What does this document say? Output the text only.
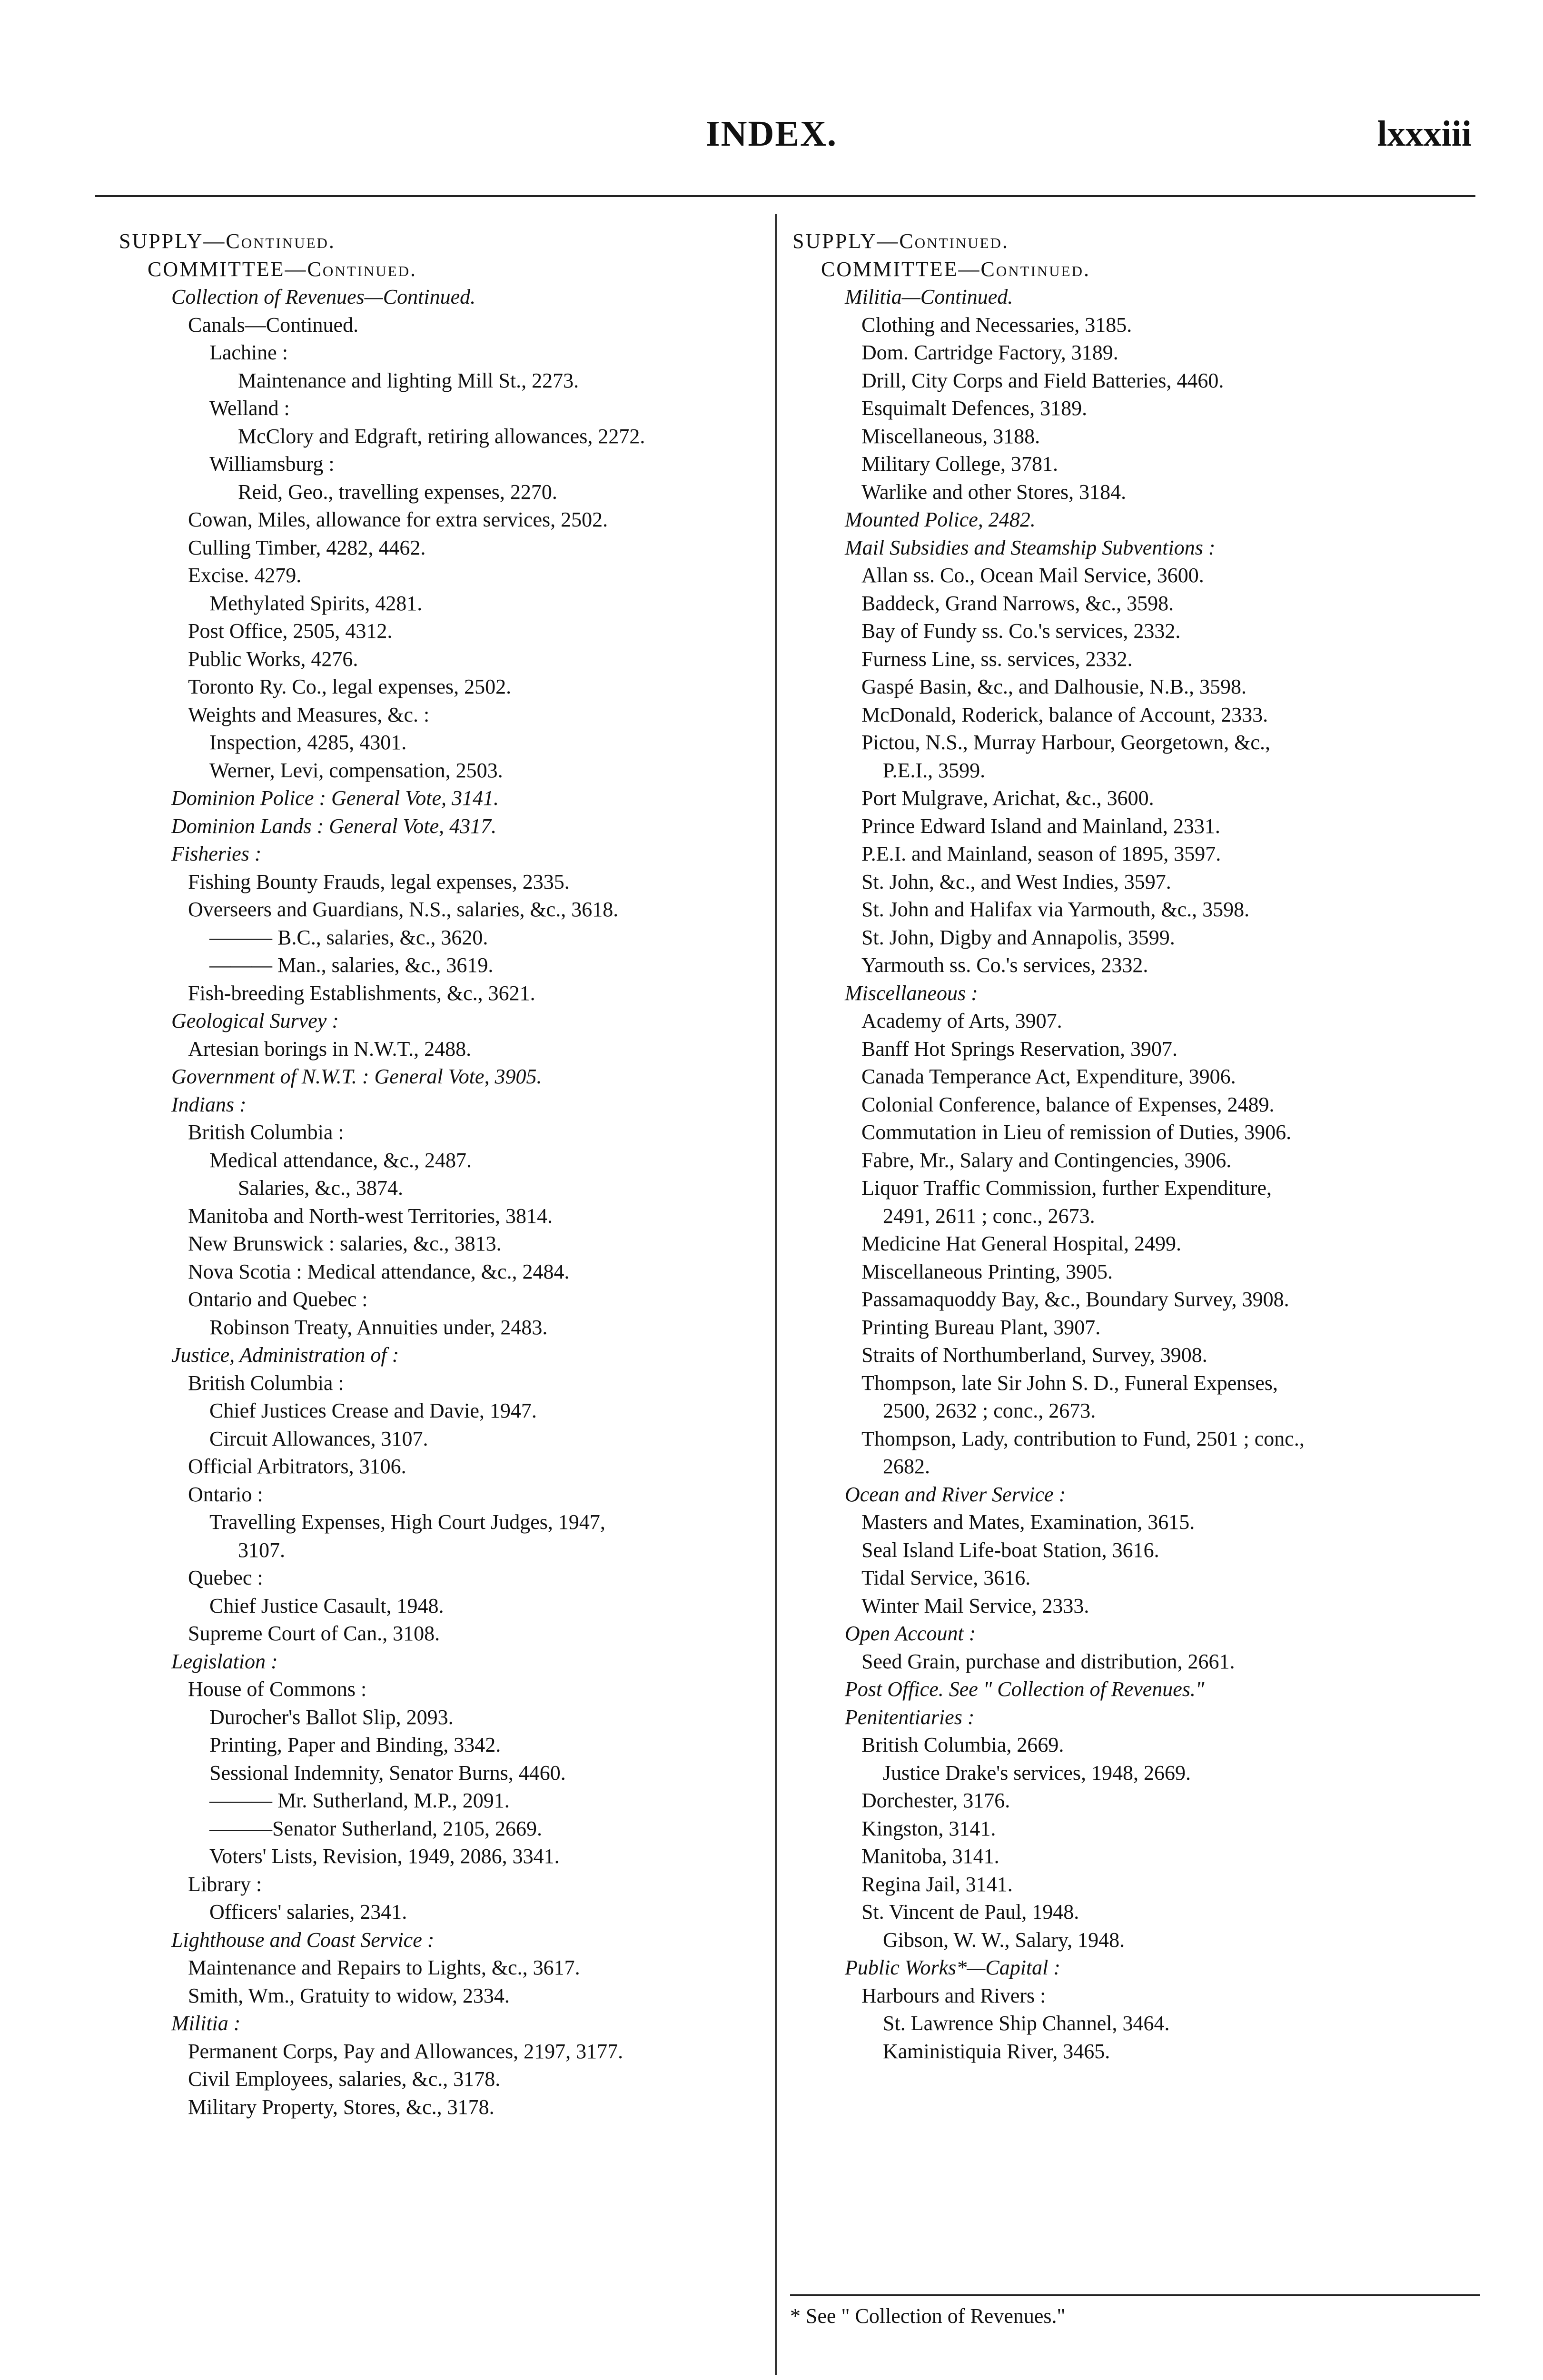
INDEX.	lxxxiii
SUPPLY—Continued.
COMMITTEE—Continued.
Collection of Revenues—Continued.
Canals—Continued.
Lachine :
Maintenance and lighting Mill St., 2273.
Welland :
McClory and Edgraft, retiring allowances, 2272.
Williamsburg :
Reid, Geo., travelling expenses, 2270.
Cowan, Miles, allowance for extra services, 2502.
Culling Timber, 4282, 4462.
Excise. 4279.
Methylated Spirits, 4281.
Post Office, 2505, 4312.
Public Works, 4276.
Toronto Ry. Co., legal expenses, 2502.
Weights and Measures, &c. :
Inspection, 4285, 4301.
Werner, Levi, compensation, 2503.
Dominion Police : General Vote, 3141.
Dominion Lands : General Vote, 4317.
Fisheries :
Fishing Bounty Frauds, legal expenses, 2335.
Overseers and Guardians, N.S., salaries, &c., 3618.
——— B.C., salaries, &c., 3620.
——— Man., salaries, &c., 3619.
Fish-breeding Establishments, &c., 3621.
Geological Survey :
Artesian borings in N.W.T., 2488.
Government of N.W.T. : General Vote, 3905.
Indians :
British Columbia :
Medical attendance, &c., 2487.
Salaries, &c., 3874.
Manitoba and North-west Territories, 3814.
New Brunswick : salaries, &c., 3813.
Nova Scotia : Medical attendance, &c., 2484.
Ontario and Quebec :
Robinson Treaty, Annuities under, 2483.
Justice, Administration of :
British Columbia :
Chief Justices Crease and Davie, 1947.
Circuit Allowances, 3107.
Official Arbitrators, 3106.
Ontario :
Travelling Expenses, High Court Judges, 1947,
3107.
Quebec :
Chief Justice Casault, 1948.
Supreme Court of Can., 3108.
Legislation :
House of Commons :
Durocher's Ballot Slip, 2093.
Printing, Paper and Binding, 3342.
Sessional Indemnity, Senator Burns, 4460.
——— Mr. Sutherland, M.P., 2091.
———Senator Sutherland, 2105, 2669.
Voters' Lists, Revision, 1949, 2086, 3341.
Library :
Officers' salaries, 2341.
Lighthouse and Coast Service :
Maintenance and Repairs to Lights, &c., 3617.
Smith, Wm., Gratuity to widow, 2334.
Militia :
Permanent Corps, Pay and Allowances, 2197, 3177.
Civil Employees, salaries, &c., 3178.
Military Property, Stores, &c., 3178.
SUPPLY—Continued.
COMMITTEE—Continued.
Militia—Continued.
Clothing and Necessaries, 3185.
Dom. Cartridge Factory, 3189.
Drill, City Corps and Field Batteries, 4460.
Esquimalt Defences, 3189.
Miscellaneous, 3188.
Military College, 3781.
Warlike and other Stores, 3184.
Mounted Police, 2482.
Mail Subsidies and Steamship Subventions :
Allan ss. Co., Ocean Mail Service, 3600.
Baddeck, Grand Narrows, &c., 3598.
Bay of Fundy ss. Co.'s services, 2332.
Furness Line, ss. services, 2332.
Gaspé Basin, &c., and Dalhousie, N.B., 3598.
McDonald, Roderick, balance of Account, 2333.
Pictou, N.S., Murray Harbour, Georgetown, &c.,
P.E.I., 3599.
Port Mulgrave, Arichat, &c., 3600.
Prince Edward Island and Mainland, 2331.
P.E.I. and Mainland, season of 1895, 3597.
St. John, &c., and West Indies, 3597.
St. John and Halifax via Yarmouth, &c., 3598.
St. John, Digby and Annapolis, 3599.
Yarmouth ss. Co.'s services, 2332.
Miscellaneous :
Academy of Arts, 3907.
Banff Hot Springs Reservation, 3907.
Canada Temperance Act, Expenditure, 3906.
Colonial Conference, balance of Expenses, 2489.
Commutation in Lieu of remission of Duties, 3906.
Fabre, Mr., Salary and Contingencies, 3906.
Liquor Traffic Commission, further Expenditure,
2491, 2611 ; conc., 2673.
Medicine Hat General Hospital, 2499.
Miscellaneous Printing, 3905.
Passamaquoddy Bay, &c., Boundary Survey, 3908.
Printing Bureau Plant, 3907.
Straits of Northumberland, Survey, 3908.
Thompson, late Sir John S. D., Funeral Expenses,
2500, 2632 ; conc., 2673.
Thompson, Lady, contribution to Fund, 2501 ; conc.,
2682.
Ocean and River Service :
Masters and Mates, Examination, 3615.
Seal Island Life-boat Station, 3616.
Tidal Service, 3616.
Winter Mail Service, 2333.
Open Account :
Seed Grain, purchase and distribution, 2661.
Post Office. See " Collection of Revenues."
Penitentiaries :
British Columbia, 2669.
Justice Drake's services, 1948, 2669.
Dorchester, 3176.
Kingston, 3141.
Manitoba, 3141.
Regina Jail, 3141.
St. Vincent de Paul, 1948.
Gibson, W. W., Salary, 1948.
Public Works*—Capital :
Harbours and Rivers :
St. Lawrence Ship Channel, 3464.
Kaministiquia River, 3465.
* See " Collection of Revenues."
